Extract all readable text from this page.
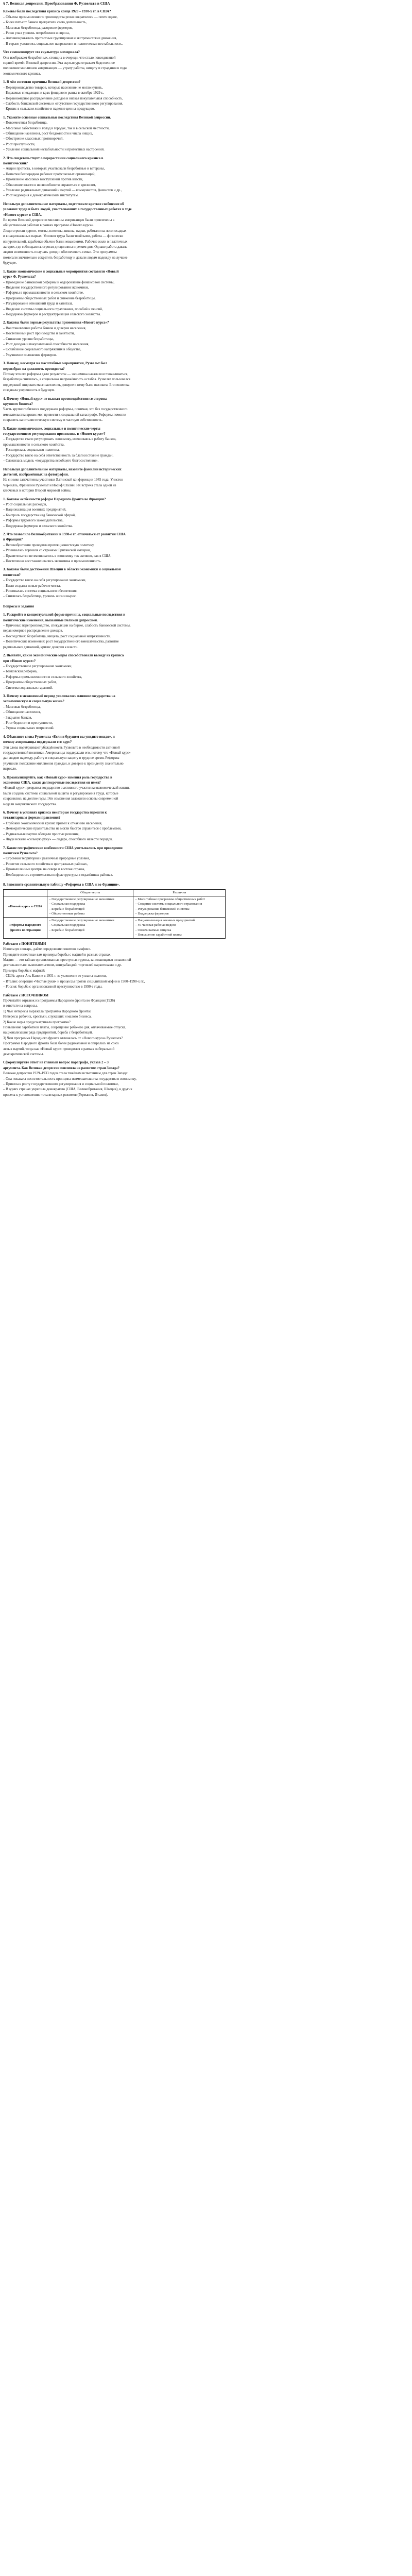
§ 7. Великая депрессия. Преобразования Ф. Рузвельта в США

Каковы были последствия кризиса конца 1920 – 1930-х гг. в США?

– Обьемы промышленного производства резко сократились — почти вдвое,

– Более пятьсот банков прекратили свою деятельность,

– Массовая безработица, разорение фермеров,

– Резко упал уровень потребления и спроса,

– Активизировались протестные группировки и экстремистские движения,

– В стране усилились социальное напряжение и политическая нестабильность.

Что символизирует эта скульптура мемориала?

Она изображает безработных, стоящих в очереди, что стало повседневной

сценой времён Великой депрессии. Эта скульптура отражает бедственное

положение миллионов американцев — утрату работы, нищету и страдания в годы

экономического кризиса.

1. В чём состояли причины Великой депрессии?

– Перепроизводство товаров, которые население не могло купить,

– Биржевые спекуляции и крах фондового рынка в октябре 1929 г.,

– Неравномерное распределение доходов и низкая покупательная способность,

– Слабость банковской системы и отсутствие государственного регулирования,

– Кризис в сельском хозяйстве и падение цен на продукцию.

1. Укажите основные социальные последствия Великой депрессии.

– Повсеместная безработица,

– Массовые забастовки и голод в городах, так и в сельской местности,

– Обнищание населения, рост бездомности и числа нищих,

– Обострение классовых противоречий,

– Рост преступности,

– Усиление социальной нестабильности и протестных настроений.

2. Что свидетельствует о перерастании социального кризиса в

политический?

– Акции протеста, в которых участвовали безработные и ветераны,

– Попытки беспорядков рабочих профсоюзных организаций,

– Проявление массовых выступлений против власти,

– Обвинение власти в неспособности справиться с кризисом,

– Усиление радикальных движений и партий — коммунистов, фашистов и др.,

– Рост недоверия к демократическим институтам.

Используя дополнительные материалы, подготовьте краткое сообщение об

условиях труда и быта людей, участвовавших в государственных работах в ходе

«Нового курса» в США.

Во время Великой депрессии миллионы американцев были привлечены к

общественным работам в рамках программ «Нового курса».

Люди строили дороги, мосты, плотины, школы, парки, работали на лесопосадках

и в национальных парках. Условия труда были тяжёлыми, работа — физически

изнурительной, заработки обычно были невысокими. Рабочие жили в палаточных

лагерях, где соблюдались строгая дисциплина и режим дня. Однако работа давала

людям возможность получать доход и обеспечивать семьи. Эти программы

помогали значительно сократить безработицу и давали людям надежду на лучшее

будущее.

1. Какие экономические и социальные мероприятия составили «Новый

курс» Ф. Рузвельта?

– Проведение банковской реформы и оздоровление финансовой системы,

– Введение государственного регулирования экономики,

– Реформы в промышленности и сельском хозяйстве,

– Программы общественных работ и снижение безработицы,

– Регулирование отношений труда и капитала,

– Введение системы социального страхования, пособий и пенсий,

– Поддержка фермеров и реструктуризация сельского хозяйства.

2. Каковы были первые результаты применения «Нового курса»?

– Восстановление работы банков и доверия населения,

– Постепенный рост производства и занятости,

– Снижение уровня безработицы,

– Рост доходов и покупательной способности населения,

– Ослабление социального напряжения в обществе,

– Улучшение положения фермеров.

3. Почему, несмотря на масштабные мероприятия, Рузвельт был

переизбран на должность президента?

Потому что его реформы дали результаты — экономика начала восстанавливаться,

безработица снизилась, а социальная напряжённость ослабла. Рузвельт пользовался

поддержкой широких масс населения, доверие к нему было высоким. Его политика

создавала уверенность в будущем.

4. Почему «Новый курс» не вызвал противодействия со стороны

крупного бизнеса?

Часть крупного бизнеса поддержала реформы, понимая, что без государственного

вмешательства кризис мог привести к социальной катастрофе. Реформы помогли

сохранить капиталистическую систему и частную собственность.

5. Какие экономические, социальные и политические черты

государственного регулирования проявились в «Новом курсе»?

– Государство стало регулировать экономику, вмешиваясь в работу банков,

промышленности и сельского хозяйства,

– Расширилась социальная политика,

– Государство взяло на себя ответственность за благосостояние граждан,

– Сложилась модель «государства всеобщего благосостояния».

Используя дополнительные материалы, назовите фамилии исторических

деятелей, изображённых на фотографии.

На снимке запечатлены участники Ялтинской конференции 1945 года: Уинстон

Черчилль, Франклин Рузвельт и Иосиф Сталин. Их встреча стала одной из

ключевых в истории Второй мировой войны.

1. Каковы особенности реформ Народного фронта во Франции?

– Рост социальных расходов,

– Национализация военных предприятий,

– Контроль государства над банковской сферой,

– Реформы трудового законодательства,

– Поддержка фермеров и сельского хозяйства.

2. Что позволило Великобритании в 1930-е гг. отличаться от развития США

и Франции?

– Великобритания проводила протекционистскую политику,

– Развивалась торговля со странами Британской империи,

– Правительство не вмешивалось в экономику так активно, как в США,

– Постепенно восстанавливались экономика и промышленность.

3. Каковы были достижения Швеции в области экономики и социальной

политики?

– Государство взяло на себя регулирование экономики,

– Были созданы новые рабочие места,

– Развивалась система социального обеспечения,

– Снизилась безработица, уровень жизни вырос.

Вопросы и задания

1. Раскройте в концептуальной форме причины, социальные последствия и

политические изменения, вызванные Великой депрессией.

– Причины: перепроизводство, спекуляции на бирже, слабость банковской системы,

неравномерное распределение доходов.

– Последствия: безработица, нищета, рост социальной напряжённости.

– Политические изменения: рост государственного вмешательства, развитие

радикальных движений, кризис доверия к власти.

2. Выявите, какие экономические меры способствовали выходу из кризиса

при «Новом курсе»?

– Государственное регулирование экономики,

– Банковская реформа,

– Реформы промышленности и сельского хозяйства,

– Программы общественных работ,

– Система социальных гарантий.

3. Почему в межвоенный период усиливалось влияние государства на

экономическую и социальную жизнь?

– Массовая безработица,

– Обнищание населения,

– Закрытие банков,

– Рост бедности и преступности,

– Угроза социальных потрясений.

4. Объясните слова Рузвельта «Если в будущем вы увидите вождя», и

почему американцы поддержали его курс?

Эти слова подчёркивают убеждённость Рузвельта в необходимости активной

государственной политики. Американцы поддержали его, потому что «Новый курс»

дал людям надежду, работу и социальную защиту в трудное время. Реформы

улучшили положение миллионов граждан, и доверие к президенту значительно

выросло.

5. Проанализируйте, как «Новый курс» изменил роль государства в

экономике США, какие долгосрочные последствия он имел?

«Новый курс» превратил государство в активного участника экономической жизни.

Были созданы системы социальной защиты и регулирования труда, которые

сохранились на долгие годы. Эти изменения заложили основы современной

модели американского государства.

6. Почему в условиях кризиса некоторые государства перешли к

тоталитарным формам правления?

– Глубокий экономический кризис привёл к отчаянию населения,

– Демократические правительства не могли быстро справиться с проблемами,

– Радикальные партии обещали простые решения,

– Люди искали «сильную руку» — лидера, способного навести порядок.

7. Какие географические особенности США учитывались при проведении

политики Рузвельта?

– Огромная территория и различные природные условия,

– Развитие сельского хозяйства в центральных районах,

– Промышленные центры на севере и востоке страны,

– Необходимость строительства инфраструктуры в отдалённых районах.

8. Заполните сравнительную таблицу «Реформы в США и во Франции».

	Общие черты	Различия
«Новый курс» в США	– Государственное регулирование экономики
– Социальная поддержка
– Борьба с безработицей
– Общественные работы	– Масштабные программы общественных работ
– Создание системы социального страхования
– Регулирование банковской системы
– Поддержка фермеров
Реформы Народного фронта во Франции	– Государственное регулирование экономики
– Социальная поддержка
– Борьба с безработицей	– Национализация военных предприятий
– 40-часовая рабочая неделя
– Оплачиваемые отпуска
– Повышение заработной платы

Работаем с ПОНЯТИЯМИ

Используя словарь, дайте определение понятию «мафия».

Приведите известные вам примеры борьбы с мафией в разных странах.

Мафия — это тайная организованная преступная группа, занимающаяся незаконной

деятельностью: вымогательством, контрабандой, торговлей наркотиками и др.

Примеры борьбы с мафией:

– США: арест Аль Капоне в 1931 г. за уклонение от уплаты налогов,

– Италия: операция «Чистые руки» и процессы против сицилийской мафии в 1980–1990-х гг.,

– Россия: борьба с организованной преступностью в 1990-е годы.

Работаем с ИСТОЧНИКОМ

Прочитайте отрывок из программы Народного фронта во Франции (1936)

и ответьте на вопросы.

1) Чьи интересы выражала программа Народного фронта?

Интересы рабочих, крестьян, служащих и малого бизнеса.

2) Какие меры предусматривала программа?

Повышение заработной платы, сокращение рабочего дня, оплачиваемые отпуска,

национализация ряда предприятий, борьба с безработицей.

3) Чем программа Народного фронта отличалась от «Нового курса» Рузвельта?

Программа Народного фронта была более радикальной и опиралась на союз

левых партий, тогда как «Новый курс» проводился в рамках либеральной

демократической системы.

Сформулируйте ответ на главный вопрос параграфа, указав 2 – 3

аргумента. Как Великая депрессия повлияла на развитие стран Запада?

Великая депрессия 1929–1933 годов стала тяжёлым испытанием для стран Запада:

– Она показала несостоятельность принципа невмешательства государства в экономику,

– Привела к росту государственного регулирования и социальной политики,

– В одних странах укрепила демократию (США, Великобритания, Швеция), в других

привела к установлению тоталитарных режимов (Германия, Италия).
